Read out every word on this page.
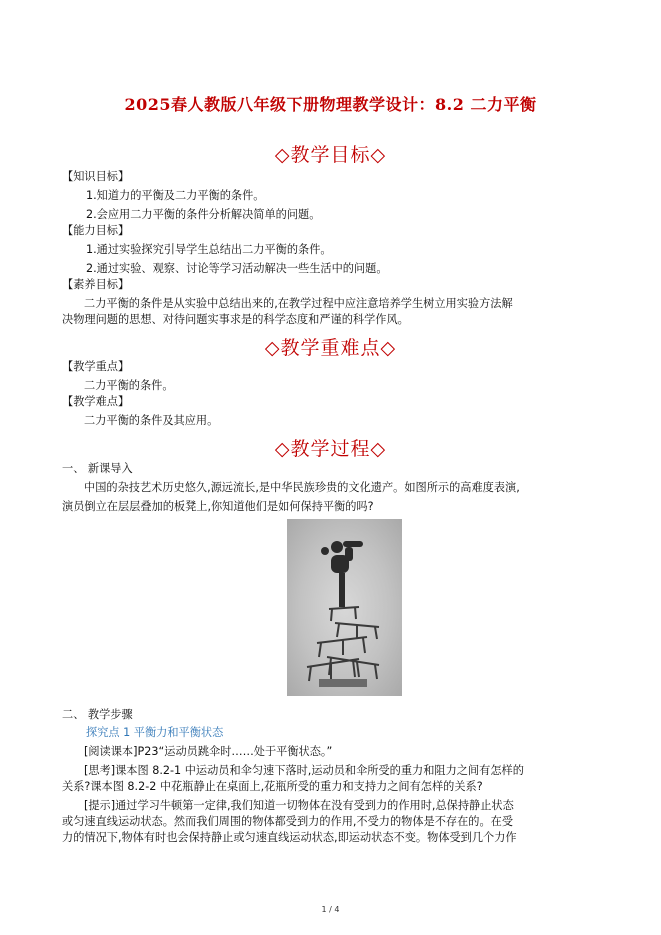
2025春人教版八年级下册物理教学设计：8.2 二力平衡
◇教学目标◇
【知识目标】
1.知道力的平衡及二力平衡的条件。
2.会应用二力平衡的条件分析解决简单的问题。
【能力目标】
1.通过实验探究引导学生总结出二力平衡的条件。
2.通过实验、观察、讨论等学习活动解决一些生活中的问题。
【素养目标】
二力平衡的条件是从实验中总结出来的,在教学过程中应注意培养学生树立用实验方法解
决物理问题的思想、对待问题实事求是的科学态度和严谨的科学作风。
◇教学重难点◇
【教学重点】
二力平衡的条件。
【教学难点】
二力平衡的条件及其应用。
◇教学过程◇
一、 新课导入
中国的杂技艺术历史悠久,源远流长,是中华民族珍贵的文化遗产。如图所示的高难度表演,
演员倒立在层层叠加的板凳上,你知道他们是如何保持平衡的吗?
二、 教学步骤
探究点 1 平衡力和平衡状态
[阅读课本]P23“运动员跳伞时……处于平衡状态。”
[思考]课本图 8.2-1 中运动员和伞匀速下落时,运动员和伞所受的重力和阻力之间有怎样的
关系?课本图 8.2-2 中花瓶静止在桌面上,花瓶所受的重力和支持力之间有怎样的关系?
[提示]通过学习牛顿第一定律,我们知道一切物体在没有受到力的作用时,总保持静止状态
或匀速直线运动状态。然而我们周围的物体都受到力的作用,不受力的物体是不存在的。在受
力的情况下,物体有时也会保持静止或匀速直线运动状态,即运动状态不变。物体受到几个力作
1 / 4
